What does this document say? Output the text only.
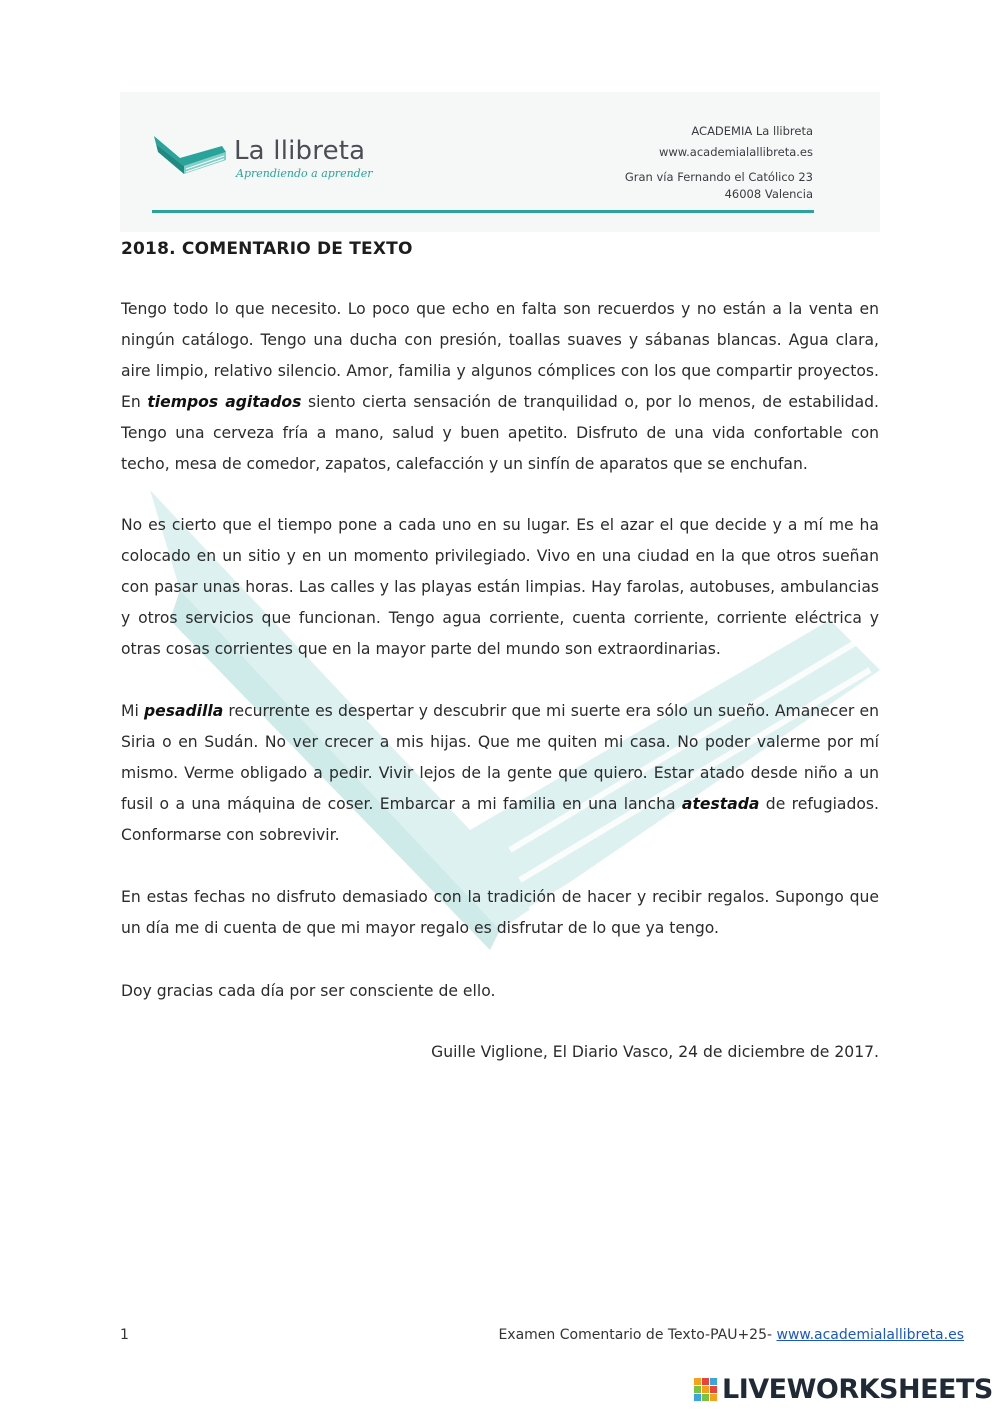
La llibreta
Aprendiendo a aprender
ACADEMIA La llibreta
www.academialallibreta.es
Gran vía Fernando el Católico 23
46008 Valencia
2018. COMENTARIO DE TEXTO

Tengo todo lo que necesito. Lo poco que echo en falta son recuerdos y no están a la venta en ningún catálogo. Tengo una ducha con presión, toallas suaves y sábanas blancas. Agua clara, aire limpio, relativo silencio. Amor, familia y algunos cómplices con los que compartir proyectos. En tiempos agitados siento cierta sensación de tranquilidad o, por lo menos, de estabilidad. Tengo una cerveza fría a mano, salud y buen apetito. Disfruto de una vida confortable con techo, mesa de comedor, zapatos, calefacción y un sinfín de aparatos que se enchufan.

No es cierto que el tiempo pone a cada uno en su lugar. Es el azar el que decide y a mí me ha colocado en un sitio y en un momento privilegiado. Vivo en una ciudad en la que otros sueñan con pasar unas horas. Las calles y las playas están limpias. Hay farolas, autobuses, ambulancias y otros servicios que funcionan. Tengo agua corriente, cuenta corriente, corriente eléctrica y otras cosas corrientes que en la mayor parte del mundo son extraordinarias.

Mi pesadilla recurrente es despertar y descubrir que mi suerte era sólo un sueño. Amanecer en Siria o en Sudán. No ver crecer a mis hijas. Que me quiten mi casa. No poder valerme por mí mismo. Verme obligado a pedir. Vivir lejos de la gente que quiero. Estar atado desde niño a un fusil o a una máquina de coser. Embarcar a mi familia en una lancha atestada de refugiados. Conformarse con sobrevivir.

En estas fechas no disfruto demasiado con la tradición de hacer y recibir regalos. Supongo que un día me di cuenta de que mi mayor regalo es disfrutar de lo que ya tengo.

Doy gracias cada día por ser consciente de ello.

Guille Viglione, El Diario Vasco, 24 de diciembre de 2017.
1	Examen Comentario de Texto-PAU+25- www.academialallibreta.es
LIVEWORKSHEETS
